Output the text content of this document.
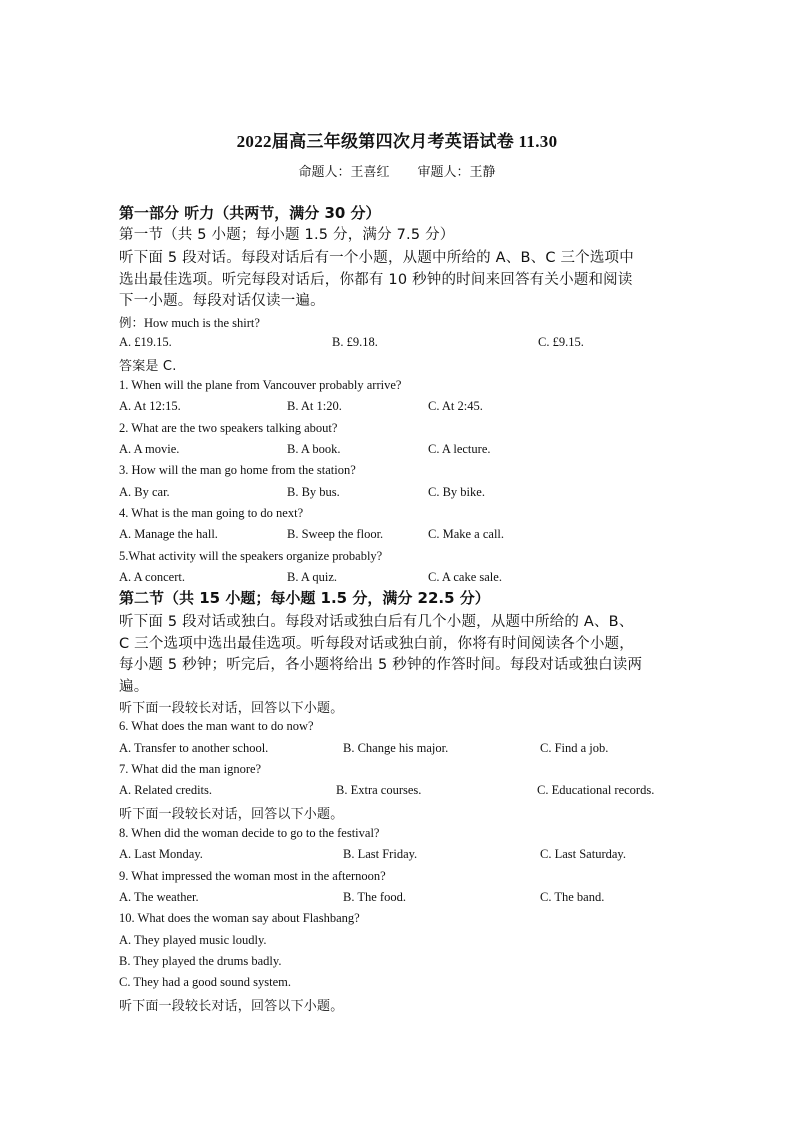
2022届高三年级第四次月考英语试卷 11.30
命题人：王喜红 审题人：王静
第一部分 听力（共两节，满分 30 分）
第一节（共 5 小题；每小题 1.5 分，满分 7.5 分）
听下面 5 段对话。每段对话后有一个小题，从题中所给的 A、B、C 三个选项中
选出最佳选项。听完每段对话后，你都有 10 秒钟的时间来回答有关小题和阅读
下一小题。每段对话仅读一遍。
例：How much is the shirt?
A. £19.15.	B. £9.18.	C. £9.15.
答案是 C.
1. When will the plane from Vancouver probably arrive?
A. At 12:15.	B. At 1:20.	C. At 2:45.
2. What are the two speakers talking about?
A. A movie.	B. A book.	C. A lecture.
3. How will the man go home from the station?
A. By car.	B. By bus.	C. By bike.
4. What is the man going to do next?
A. Manage the hall.	B. Sweep the floor.	C. Make a call.
5.What activity will the speakers organize probably?
A. A concert.	B. A quiz.	C. A cake sale.
第二节（共 15 小题；每小题 1.5 分，满分 22.5 分）
听下面 5 段对话或独白。每段对话或独白后有几个小题，从题中所给的 A、B、
C 三个选项中选出最佳选项。听每段对话或独白前，你将有时间阅读各个小题，
每小题 5 秒钟；听完后，各小题将给出 5 秒钟的作答时间。每段对话或独白读两
遍。
听下面一段较长对话，回答以下小题。
6. What does the man want to do now?
A. Transfer to another school.	B. Change his major.	C. Find a job.
7. What did the man ignore?
A. Related credits.	B. Extra courses.	C. Educational records.
听下面一段较长对话，回答以下小题。
8. When did the woman decide to go to the festival?
A. Last Monday.	B. Last Friday.	C. Last Saturday.
9. What impressed the woman most in the afternoon?
A. The weather.	B. The food.	C. The band.
10. What does the woman say about Flashbang?
A. They played music loudly.
B. They played the drums badly.
C. They had a good sound system.
听下面一段较长对话，回答以下小题。
